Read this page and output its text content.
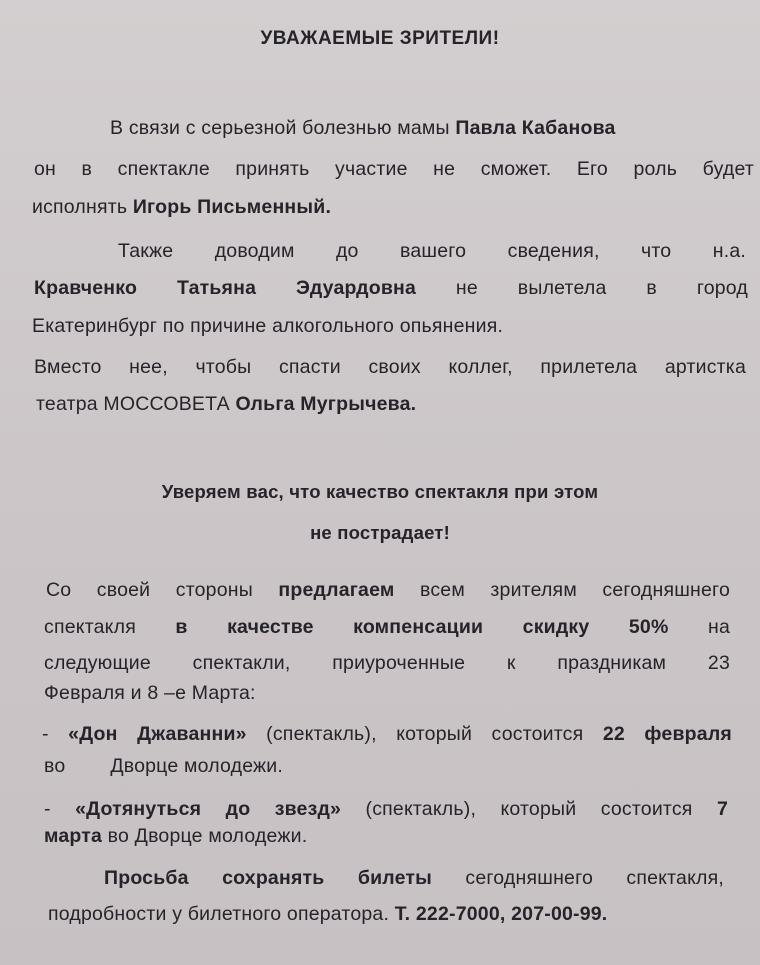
УВАЖАЕМЫЕ ЗРИТЕЛИ!
В связи с серьезной болезнью мамы Павла Кабанова
он в спектакле принять участие не сможет. Его роль будет
исполнять Игорь Письменный.
Также доводим до вашего сведения, что н.а.
Кравченко Татьяна Эдуардовна не вылетела в город
Екатеринбург по причине алкогольного опьянения.
Вместо нее, чтобы спасти своих коллег, прилетела артистка
театра МОССОВЕТА Ольга Мугрычева.
Уверяем вас, что качество спектакля при этом
не пострадает!
Со своей стороны предлагаем всем зрителям сегодняшнего
спектакля в качестве компенсации скидку 50% на
следующие спектакли, приуроченные к праздникам 23
Февраля и 8 –е Марта:
- «Дон Джаванни» (спектакль), который состоится 22 февраля
во        Дворце молодежи.
- «Дотянуться до звезд» (спектакль), который состоится 7
марта во Дворце молодежи.
Просьба сохранять билеты сегодняшнего спектакля,
подробности у билетного оператора. Т. 222-7000, 207-00-99.
